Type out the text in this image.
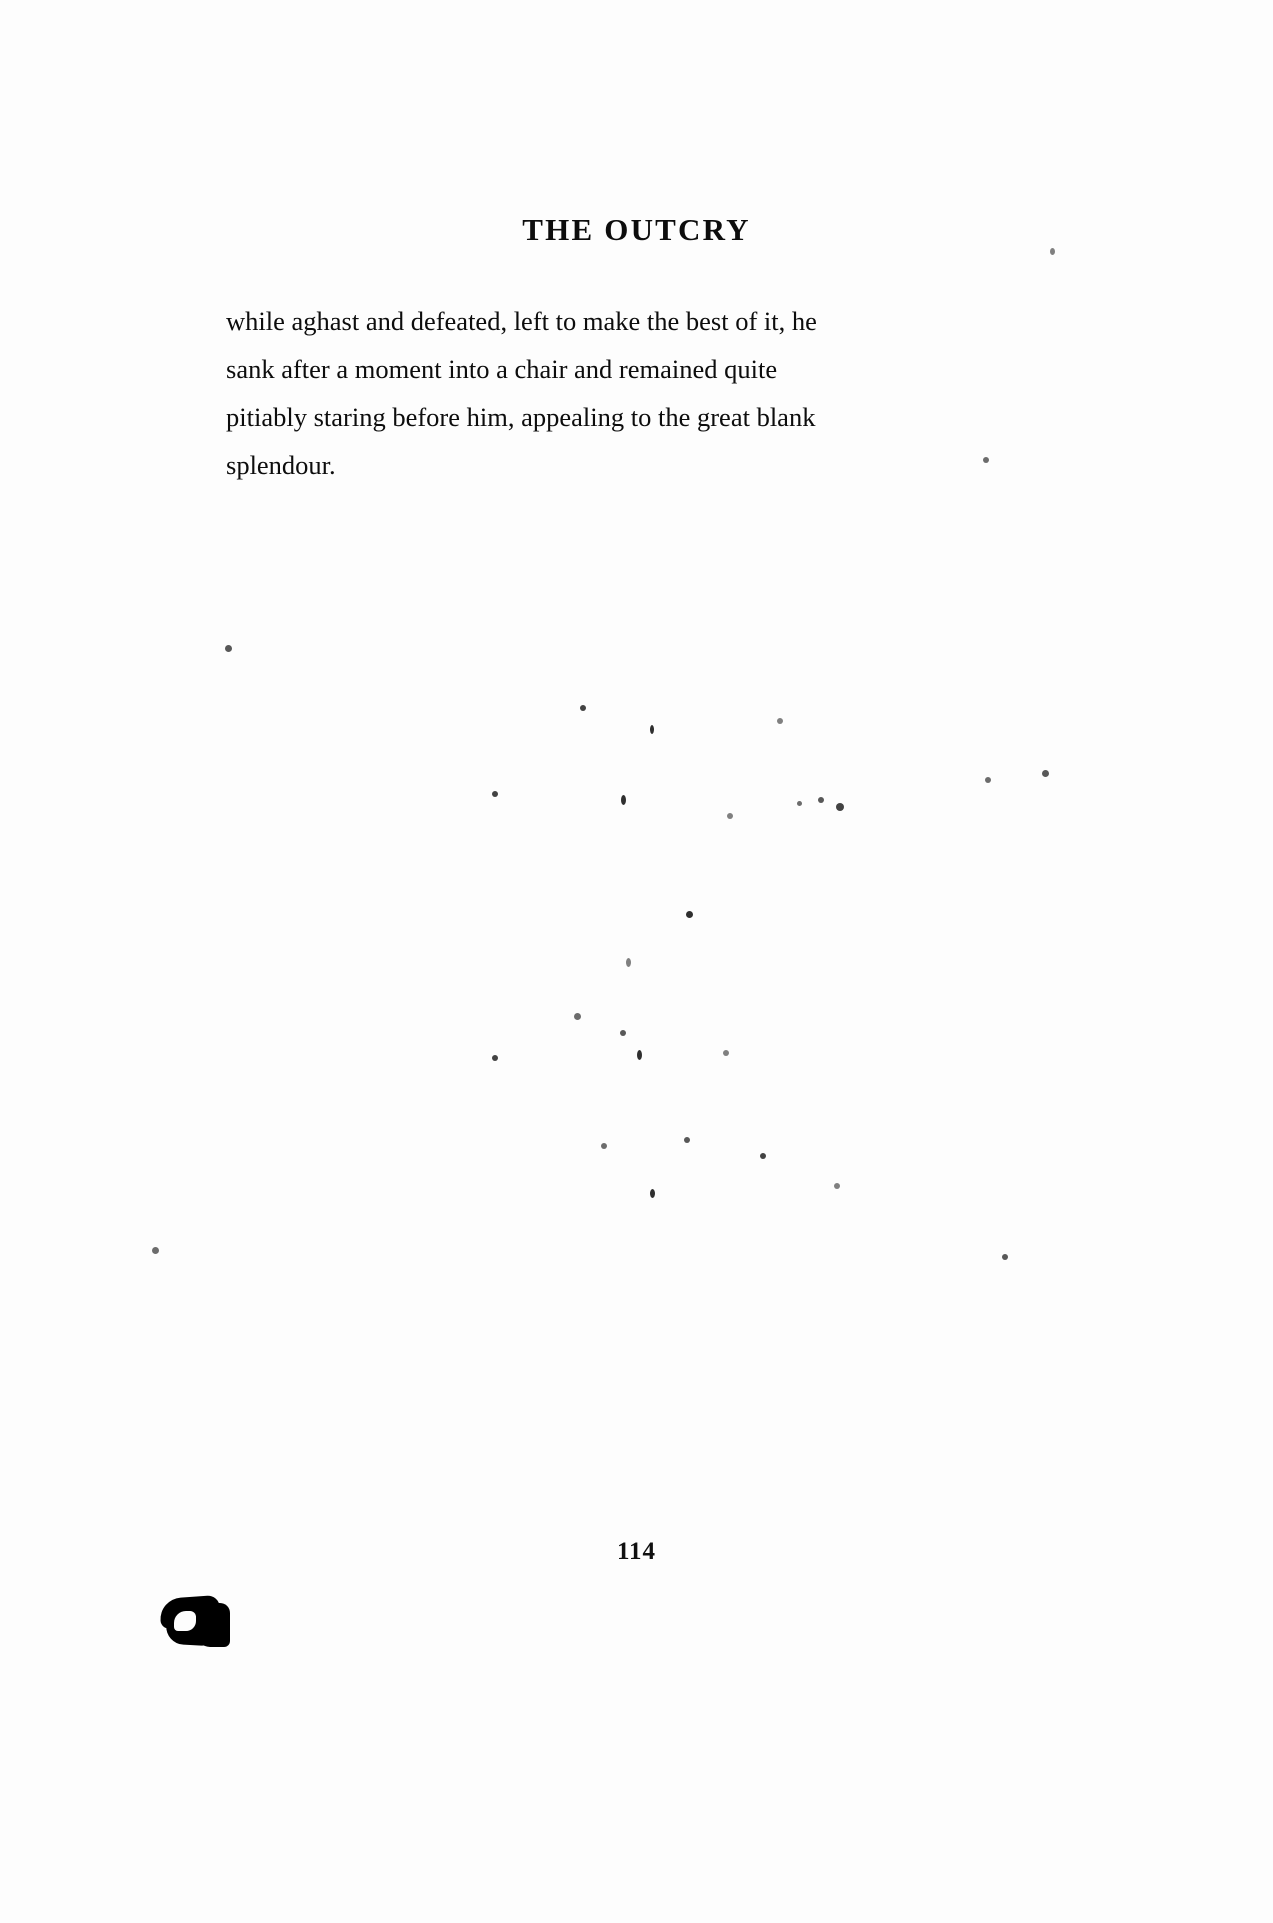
THE OUTCRY

while aghast and defeated, left to make the best of it, he sank after a moment into a chair and remained quite pitiably staring before him, appealing to the great blank splendour.

114
